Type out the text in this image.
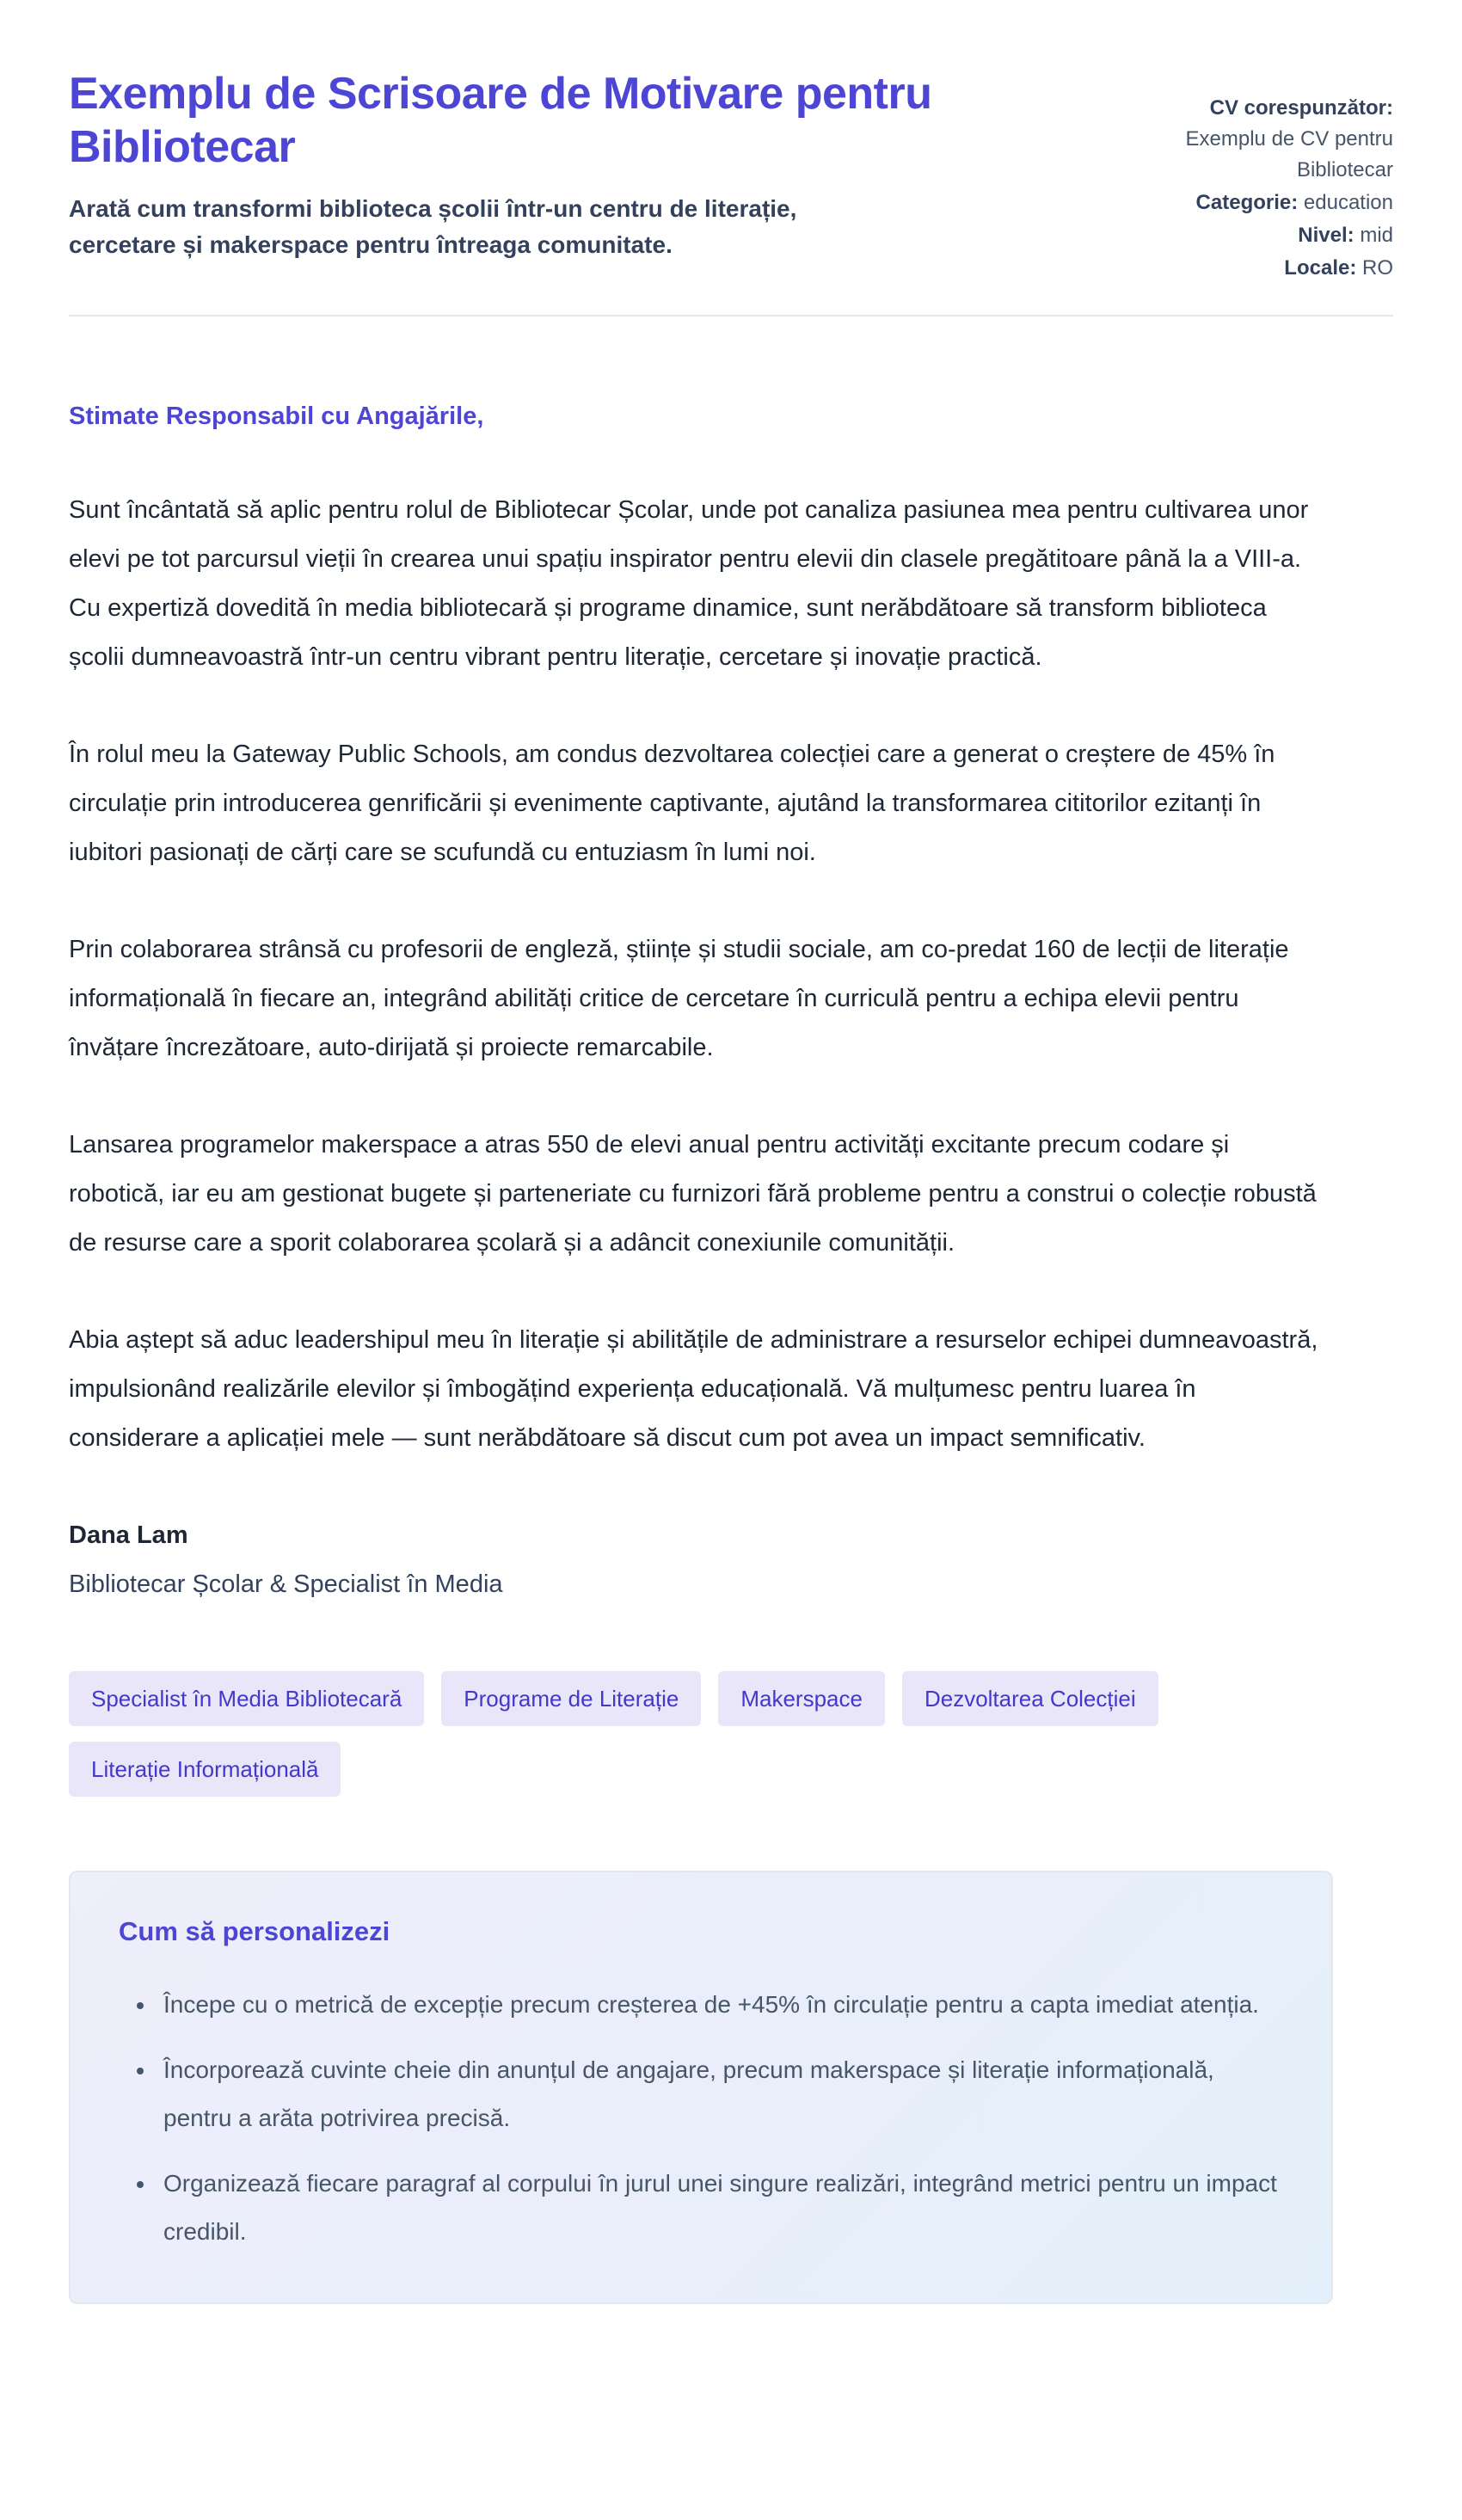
Exemplu de Scrisoare de Motivare pentru Bibliotecar

Arată cum transformi biblioteca școlii într-un centru de literație, cercetare și makerspace pentru întreaga comunitate.

CV corespunzător:
Exemplu de CV pentru Bibliotecar
Categorie: education
Nivel: mid
Locale: RO

Stimate Responsabil cu Angajările,

Sunt încântată să aplic pentru rolul de Bibliotecar Școlar, unde pot canaliza pasiunea mea pentru cultivarea unor elevi pe tot parcursul vieții în crearea unui spațiu inspirator pentru elevii din clasele pregătitoare până la a VIII-a. Cu expertiză dovedită în media bibliotecară și programe dinamice, sunt nerăbdătoare să transform biblioteca școlii dumneavoastră într-un centru vibrant pentru literație, cercetare și inovație practică.

În rolul meu la Gateway Public Schools, am condus dezvoltarea colecției care a generat o creștere de 45% în circulație prin introducerea genrificării și evenimente captivante, ajutând la transformarea cititorilor ezitanți în iubitori pasionați de cărți care se scufundă cu entuziasm în lumi noi.

Prin colaborarea strânsă cu profesorii de engleză, științe și studii sociale, am co-predat 160 de lecții de literație informațională în fiecare an, integrând abilități critice de cercetare în curriculă pentru a echipa elevii pentru învățare încrezătoare, auto-dirijată și proiecte remarcabile.

Lansarea programelor makerspace a atras 550 de elevi anual pentru activități excitante precum codare și robotică, iar eu am gestionat bugete și parteneriate cu furnizori fără probleme pentru a construi o colecție robustă de resurse care a sporit colaborarea școlară și a adâncit conexiunile comunității.

Abia aștept să aduc leadershipul meu în literație și abilitățile de administrare a resurselor echipei dumneavoastră, impulsionând realizările elevilor și îmbogățind experiența educațională. Vă mulțumesc pentru luarea în considerare a aplicației mele — sunt nerăbdătoare să discut cum pot avea un impact semnificativ.

Dana Lam

Bibliotecar Școlar & Specialist în Media

Specialist în Media Bibliotecară	Programe de Literație	Makerspace	Dezvoltarea Colecției
Literație Informațională
Cum să personalizezi
• Începe cu o metrică de excepție precum creșterea de +45% în circulație pentru a capta imediat atenția.
• Încorporează cuvinte cheie din anunțul de angajare, precum makerspace și literație informațională, pentru a arăta potrivirea precisă.
• Organizează fiecare paragraf al corpului în jurul unei singure realizări, integrând metrici pentru un impact credibil.
